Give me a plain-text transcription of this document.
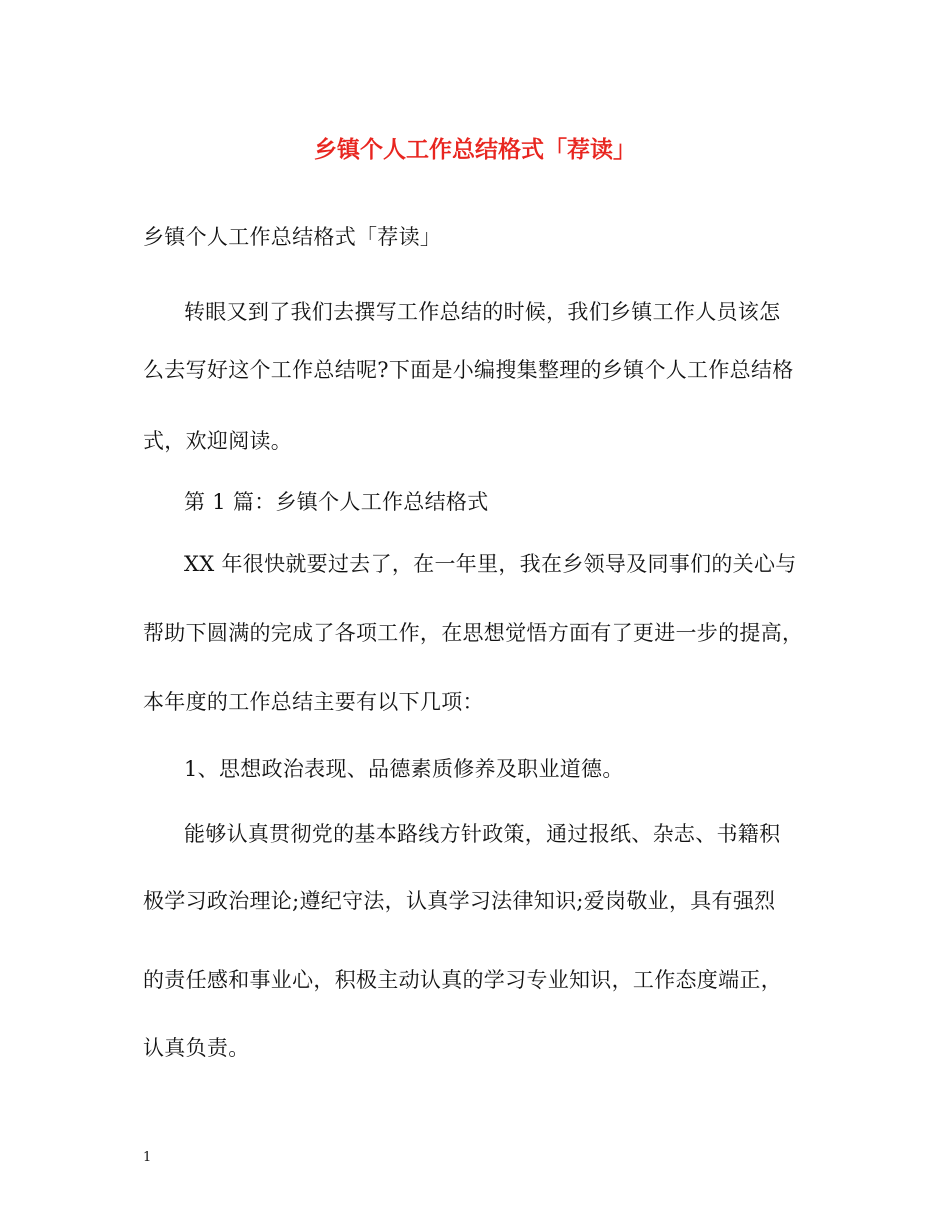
乡镇个人工作总结格式「荐读」
乡镇个人工作总结格式「荐读」
转眼又到了我们去撰写工作总结的时候，我们乡镇工作人员该怎
么去写好这个工作总结呢?下面是小编搜集整理的乡镇个人工作总结格
式，欢迎阅读。
第 1 篇：乡镇个人工作总结格式
XX 年很快就要过去了，在一年里，我在乡领导及同事们的关心与
帮助下圆满的完成了各项工作，在思想觉悟方面有了更进一步的提高，
本年度的工作总结主要有以下几项：
1、思想政治表现、品德素质修养及职业道德。
能够认真贯彻党的基本路线方针政策，通过报纸、杂志、书籍积
极学习政治理论;遵纪守法，认真学习法律知识;爱岗敬业，具有强烈
的责任感和事业心，积极主动认真的学习专业知识，工作态度端正，
认真负责。
1
